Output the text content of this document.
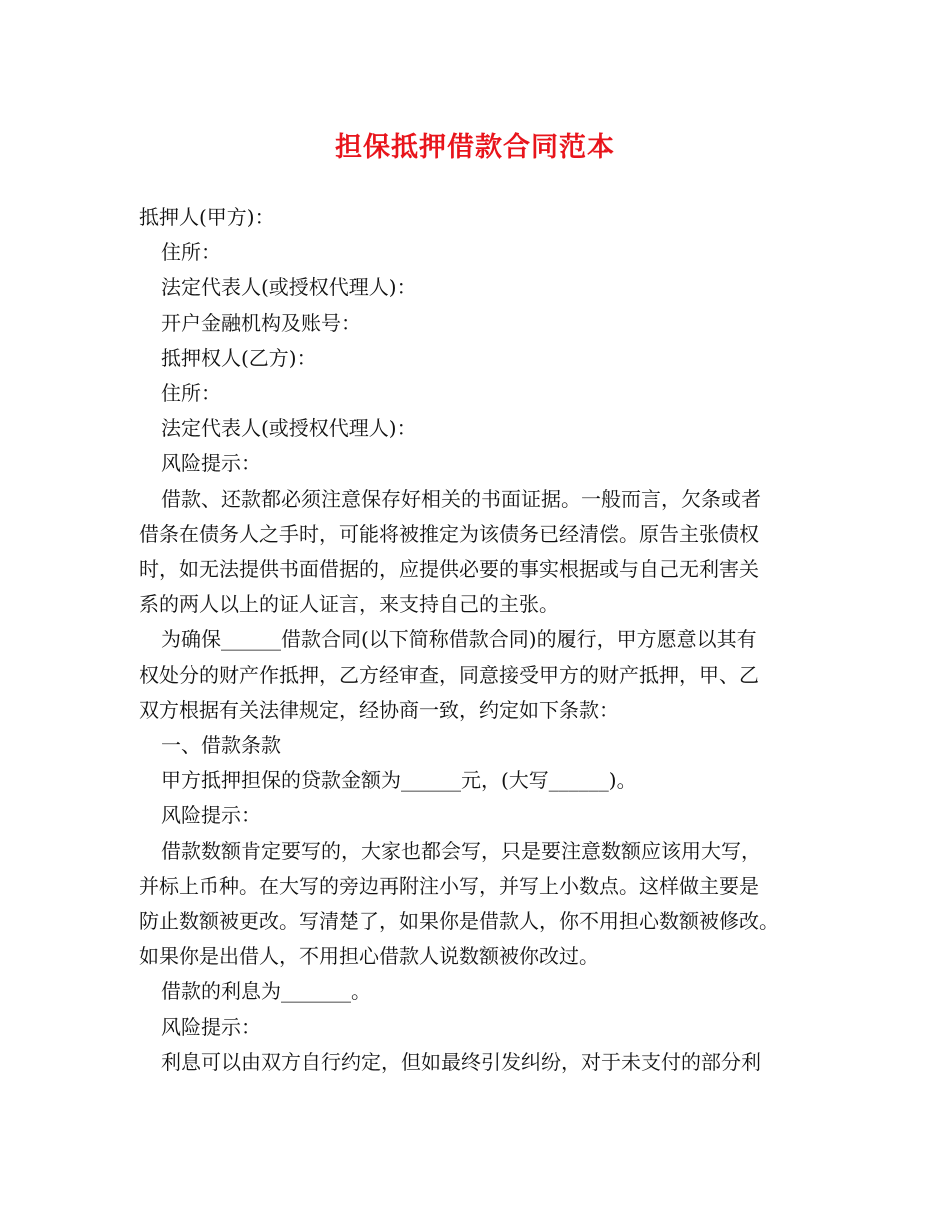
担保抵押借款合同范本

抵押人(甲方)：

住所：

法定代表人(或授权代理人)：

开户金融机构及账号：

抵押权人(乙方)：

住所：

法定代表人(或授权代理人)：

风险提示：

借款、还款都必须注意保存好相关的书面证据。一般而言，欠条或者
借条在债务人之手时，可能将被推定为该债务已经清偿。原告主张债权
时，如无法提供书面借据的，应提供必要的事实根据或与自己无利害关
系的两人以上的证人证言，来支持自己的主张。

为确保______借款合同(以下简称借款合同)的履行，甲方愿意以其有
权处分的财产作抵押，乙方经审查，同意接受甲方的财产抵押，甲、乙
双方根据有关法律规定，经协商一致，约定如下条款：

一、借款条款

甲方抵押担保的贷款金额为______元，(大写______)。

风险提示：

借款数额肯定要写的，大家也都会写，只是要注意数额应该用大写，
并标上币种。在大写的旁边再附注小写，并写上小数点。这样做主要是
防止数额被更改。写清楚了，如果你是借款人，你不用担心数额被修改。
如果你是出借人，不用担心借款人说数额被你改过。

借款的利息为_______。

风险提示：

利息可以由双方自行约定，但如最终引发纠纷，对于未支付的部分利
